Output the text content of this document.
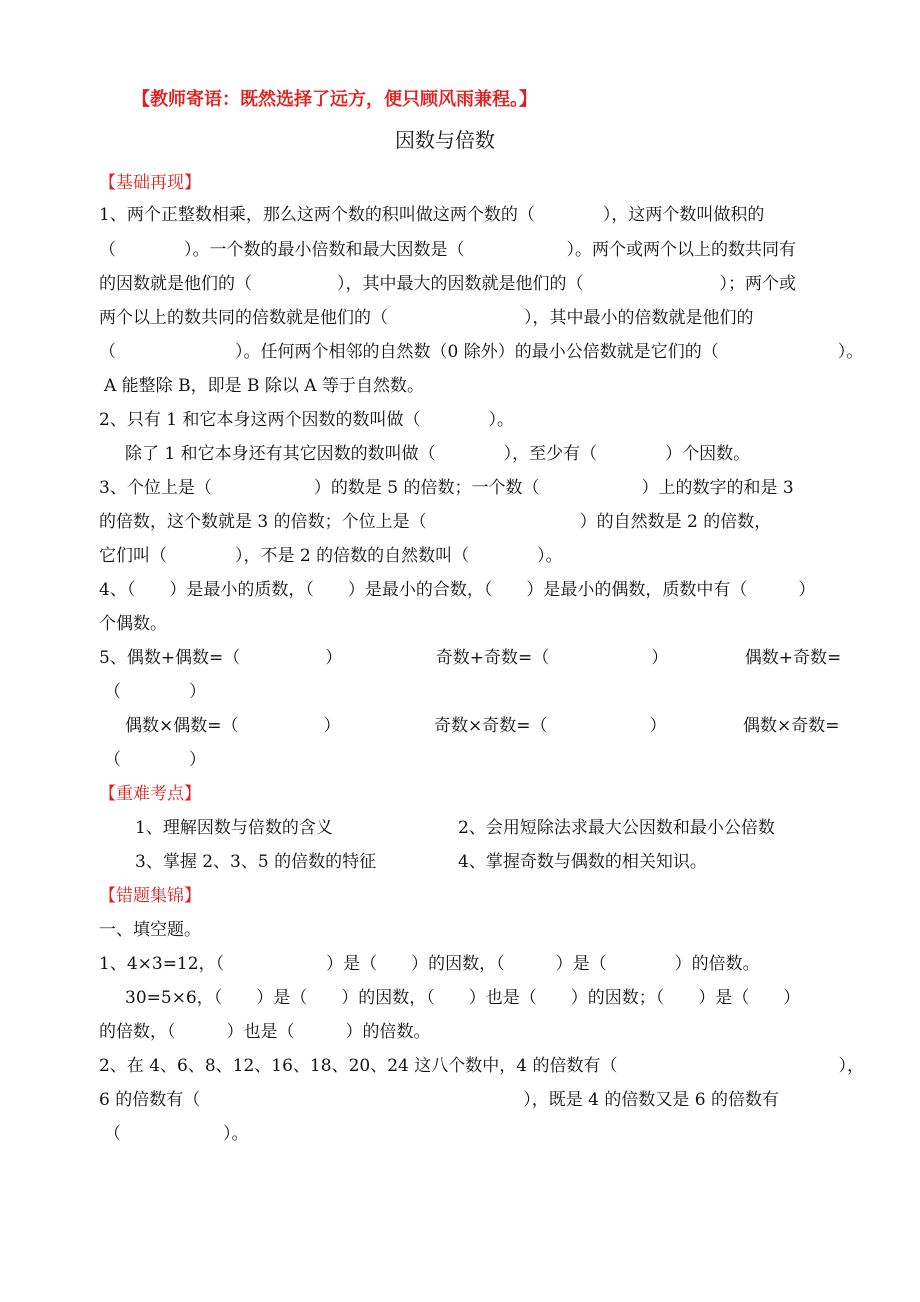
【教师寄语：既然选择了远方，便只顾风雨兼程。】
因数与倍数
【基础再现】
1、两个正整数相乘，那么这两个数的积叫做这两个数的（　　　　），这两个数叫做积的
（　　　　）。一个数的最小倍数和最大因数是（　　　　　　）。两个或两个以上的数共同有
的因数就是他们的（　　　　　），其中最大的因数就是他们的（　　　　　　　　）；两个或
两个以上的数共同的倍数就是他们的（　　　　　　　　），其中最小的倍数就是他们的
（　　　　　　　）。任何两个相邻的自然数（0 除外）的最小公倍数就是它们的（　　　　　　　）。
A 能整除 B，即是 B 除以 A 等于自然数。
2、只有 1 和它本身这两个因数的数叫做（　　　　）。
除了 1 和它本身还有其它因数的数叫做（　　　　），至少有（　　　　）个因数。
3、个位上是（　　　　　　）的数是 5 的倍数；一个数（　　　　　　）上的数字的和是 3
的倍数，这个数就是 3 的倍数；个位上是（　　　　　　　　　）的自然数是 2 的倍数，
它们叫（　　　　），不是 2 的倍数的自然数叫（　　　　）。
4、（　　）是最小的质数，（　　）是最小的合数，（　　）是最小的偶数，质数中有（　　　）
个偶数。
5、偶数+偶数=（　　　　　）　　　　　　奇数+奇数=（　　　　　　）　　　　　偶数+奇数=
（　　　　）
偶数×偶数=（　　　　　）　　　　　　奇数×奇数=（　　　　　　）　　　　　偶数×奇数=
（　　　　）
【重难考点】
1、理解因数与倍数的含义	2、会用短除法求最大公因数和最小公倍数
3、掌握 2、3、5 的倍数的特征	4、掌握奇数与偶数的相关知识。
【错题集锦】
一、填空题。
1、4×3=12，（　　　　　　）是（　　）的因数，（　　　）是（　　　　）的倍数。
30=5×6，（　　）是（　　）的因数，（　　）也是（　　）的因数；（　　）是（　　）
的倍数，（　　　）也是（　　　）的倍数。
2、在 4、6、8、12、16、18、20、24 这八个数中，4 的倍数有（　　　　　　　　　　　　　），
6 的倍数有（　　　　　　　　　　　　　　　　　　　），既是 4 的倍数又是 6 的倍数有
（　　　　　　）。
